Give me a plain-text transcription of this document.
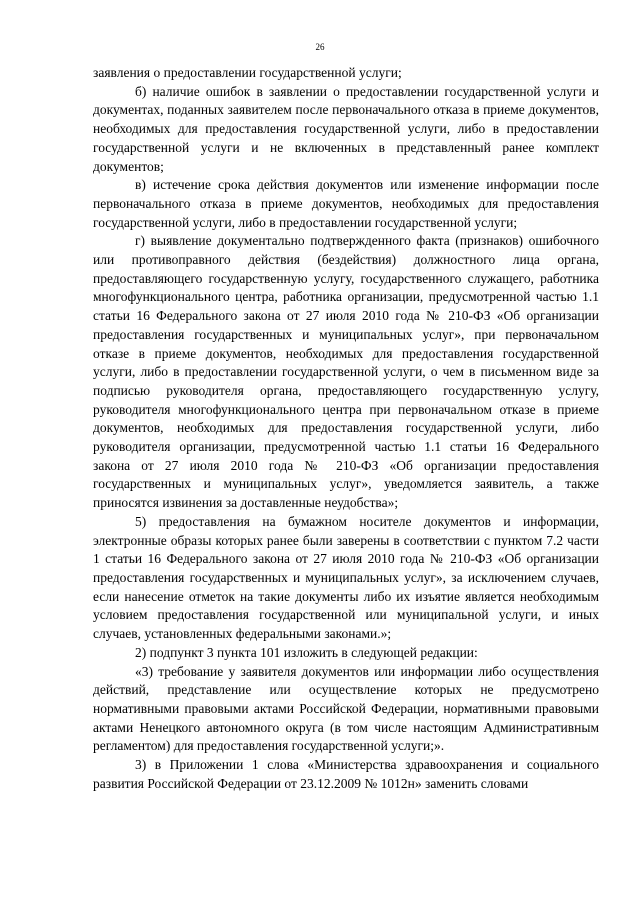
26

заявления о предоставлении государственной услуги;

б) наличие ошибок в заявлении о предоставлении государственной услуги и документах, поданных заявителем после первоначального отказа в приеме документов, необходимых для предоставления государственной услуги, либо в предоставлении государственной услуги и не включенных в представленный ранее комплект документов;

в) истечение срока действия документов или изменение информации после первоначального отказа в приеме документов, необходимых для предоставления государственной услуги, либо в предоставлении государственной услуги;

г) выявление документально подтвержденного факта (признаков) ошибочного или противоправного действия (бездействия) должностного лица органа, предоставляющего государственную услугу, государственного служащего, работника многофункционального центра, работника организации, предусмотренной частью 1.1 статьи 16 Федерального закона от 27 июля 2010 года № 210-ФЗ «Об организации предоставления государственных и муниципальных услуг», при первоначальном отказе в приеме документов, необходимых для предоставления государственной услуги, либо в предоставлении государственной услуги, о чем в письменном виде за подписью руководителя органа, предоставляющего государственную услугу, руководителя многофункционального центра при первоначальном отказе в приеме документов, необходимых для предоставления государственной услуги, либо руководителя организации, предусмотренной частью 1.1 статьи 16 Федерального закона от 27 июля 2010 года № 210-ФЗ «Об организации предоставления государственных и муниципальных услуг», уведомляется заявитель, а также приносятся извинения за доставленные неудобства»;

5) предоставления на бумажном носителе документов и информации, электронные образы которых ранее были заверены в соответствии с пунктом 7.2 части 1 статьи 16 Федерального закона от 27 июля 2010 года № 210-ФЗ «Об организации предоставления государственных и муниципальных услуг», за исключением случаев, если нанесение отметок на такие документы либо их изъятие является необходимым условием предоставления государственной или муниципальной услуги, и иных случаев, установленных федеральными законами.»;

2) подпункт 3 пункта 101 изложить в следующей редакции:

«3) требование у заявителя документов или информации либо осуществления действий, представление или осуществление которых не предусмотрено нормативными правовыми актами Российской Федерации, нормативными правовыми актами Ненецкого автономного округа (в том числе настоящим Административным регламентом) для предоставления государственной услуги;».

3) в Приложении 1 слова «Министерства здравоохранения и социального развития Российской Федерации от 23.12.2009 № 1012н» заменить словами
